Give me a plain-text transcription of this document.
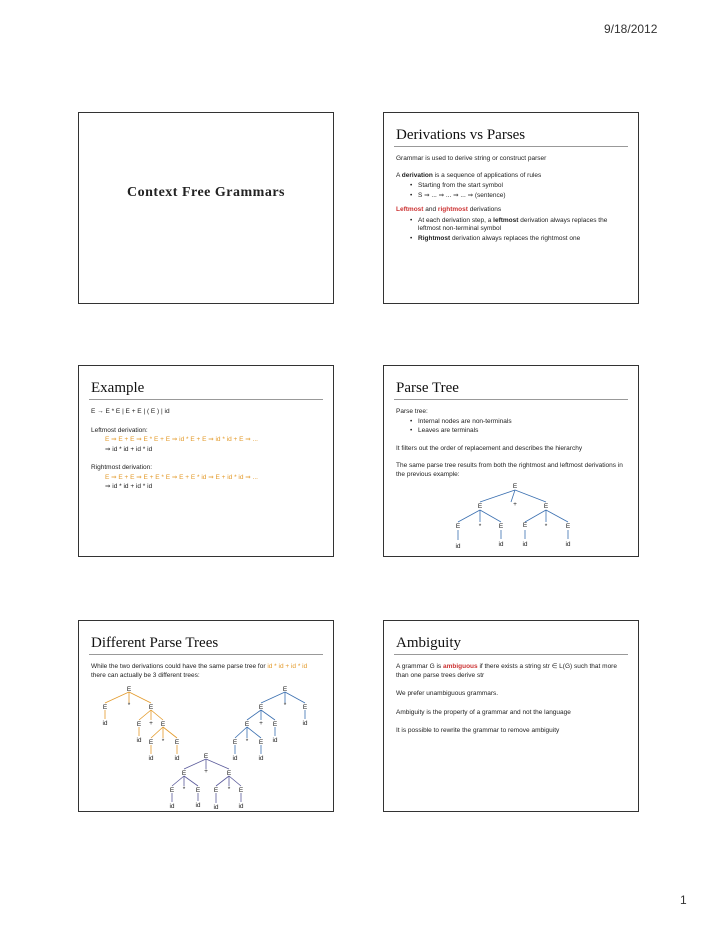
9/18/2012
Context Free Grammars
Derivations vs Parses

Grammar is used to derive string or construct parser

A derivation is a sequence of applications of rules

• Starting from the start symbol
• S ⇒ ... ⇒ ... ⇒ ... ⇒ (sentence)

Leftmost and rightmost derivations

• At each derivation step, a leftmost derivation always replaces the leftmost non-terminal symbol
• Rightmost derivation always replaces the rightmost one
Example

E → E * E | E + E | ( E ) | id

Leftmost derivation:

E ⇒ E + E ⇒ E * E + E ⇒ id * E + E ⇒ id * id + E ⇒ ...

⇒ id * id + id * id

Rightmost derivation:

E ⇒ E + E ⇒ E + E * E ⇒ E + E * id ⇒ E + id * id ⇒ ...

⇒ id * id + id * id

Parse Tree

Parse tree:

• Internal nodes are non-terminals
• Leaves are terminals

It filters out the order of replacement and describes the hierarchy

The same parse tree results from both the rightmost and leftmost derivations in the previous example:

E
E	+	E
E	*	E	E	*	E
id	id	id	id
Different Parse Trees

While the two derivations could have the same parse tree for id * id + id * id there can actually be 3 different trees:

E
E	*	E
id	E + E
id E * E
id	id
E
E	*	E
id
E + E
id
E * E
id	id
E
E	+	E
E * E E * E
id	id id	id
Ambiguity

A grammar G is ambiguous if there exists a string str ∈ L(G) such that more than one parse trees derive str

We prefer unambiguous grammars.

Ambiguity is the property of a grammar and not the language

It is possible to rewrite the grammar to remove ambiguity

1
